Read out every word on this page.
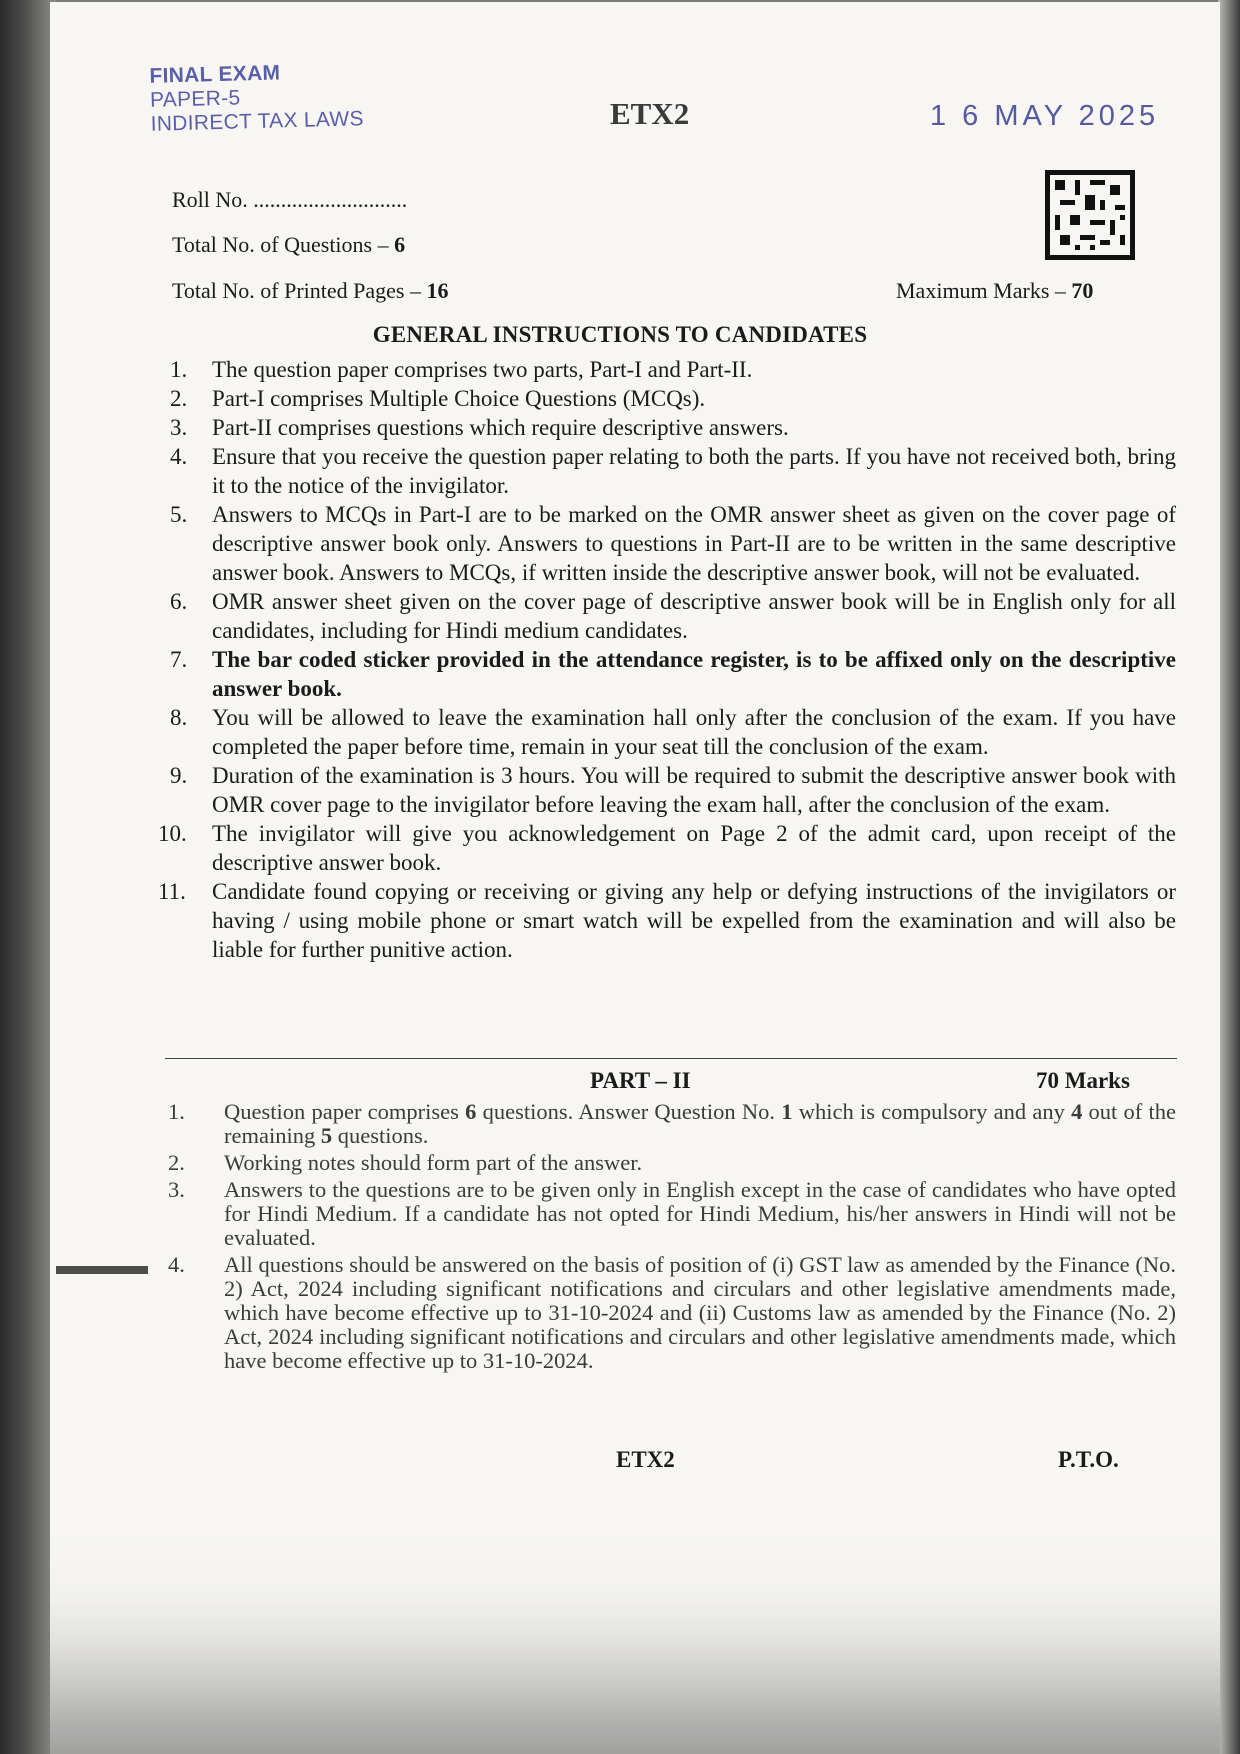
FINAL EXAM
PAPER-5
INDIRECT TAX LAWS	ETX2	1 6 MAY 2025
Roll No. ............................
Total No. of Questions – 6
Total No. of Printed Pages – 16	Maximum Marks – 70
GENERAL INSTRUCTIONS TO CANDIDATES
1. The question paper comprises two parts, Part-I and Part-II.
2. Part-I comprises Multiple Choice Questions (MCQs).
3. Part-II comprises questions which require descriptive answers.
4. Ensure that you receive the question paper relating to both the parts. If you have not received both, bring it to the notice of the invigilator.
5. Answers to MCQs in Part-I are to be marked on the OMR answer sheet as given on the cover page of descriptive answer book only. Answers to questions in Part-II are to be written in the same descriptive answer book. Answers to MCQs, if written inside the descriptive answer book, will not be evaluated.
6. OMR answer sheet given on the cover page of descriptive answer book will be in English only for all candidates, including for Hindi medium candidates.
7. The bar coded sticker provided in the attendance register, is to be affixed only on the descriptive answer book.
8. You will be allowed to leave the examination hall only after the conclusion of the exam. If you have completed the paper before time, remain in your seat till the conclusion of the exam.
9. Duration of the examination is 3 hours. You will be required to submit the descriptive answer book with OMR cover page to the invigilator before leaving the exam hall, after the conclusion of the exam.
10. The invigilator will give you acknowledgement on Page 2 of the admit card, upon receipt of the descriptive answer book.
11. Candidate found copying or receiving or giving any help or defying instructions of the invigilators or having / using mobile phone or smart watch will be expelled from the examination and will also be liable for further punitive action.
PART – II	70 Marks
1. Question paper comprises 6 questions. Answer Question No. 1 which is compulsory and any 4 out of the remaining 5 questions.
2. Working notes should form part of the answer.
3. Answers to the questions are to be given only in English except in the case of candidates who have opted for Hindi Medium. If a candidate has not opted for Hindi Medium, his/her answers in Hindi will not be evaluated.
4. All questions should be answered on the basis of position of (i) GST law as amended by the Finance (No. 2) Act, 2024 including significant notifications and circulars and other legislative amendments made, which have become effective up to 31-10-2024 and (ii) Customs law as amended by the Finance (No. 2) Act, 2024 including significant notifications and circulars and other legislative amendments made, which have become effective up to 31-10-2024.
ETX2	P.T.O.
